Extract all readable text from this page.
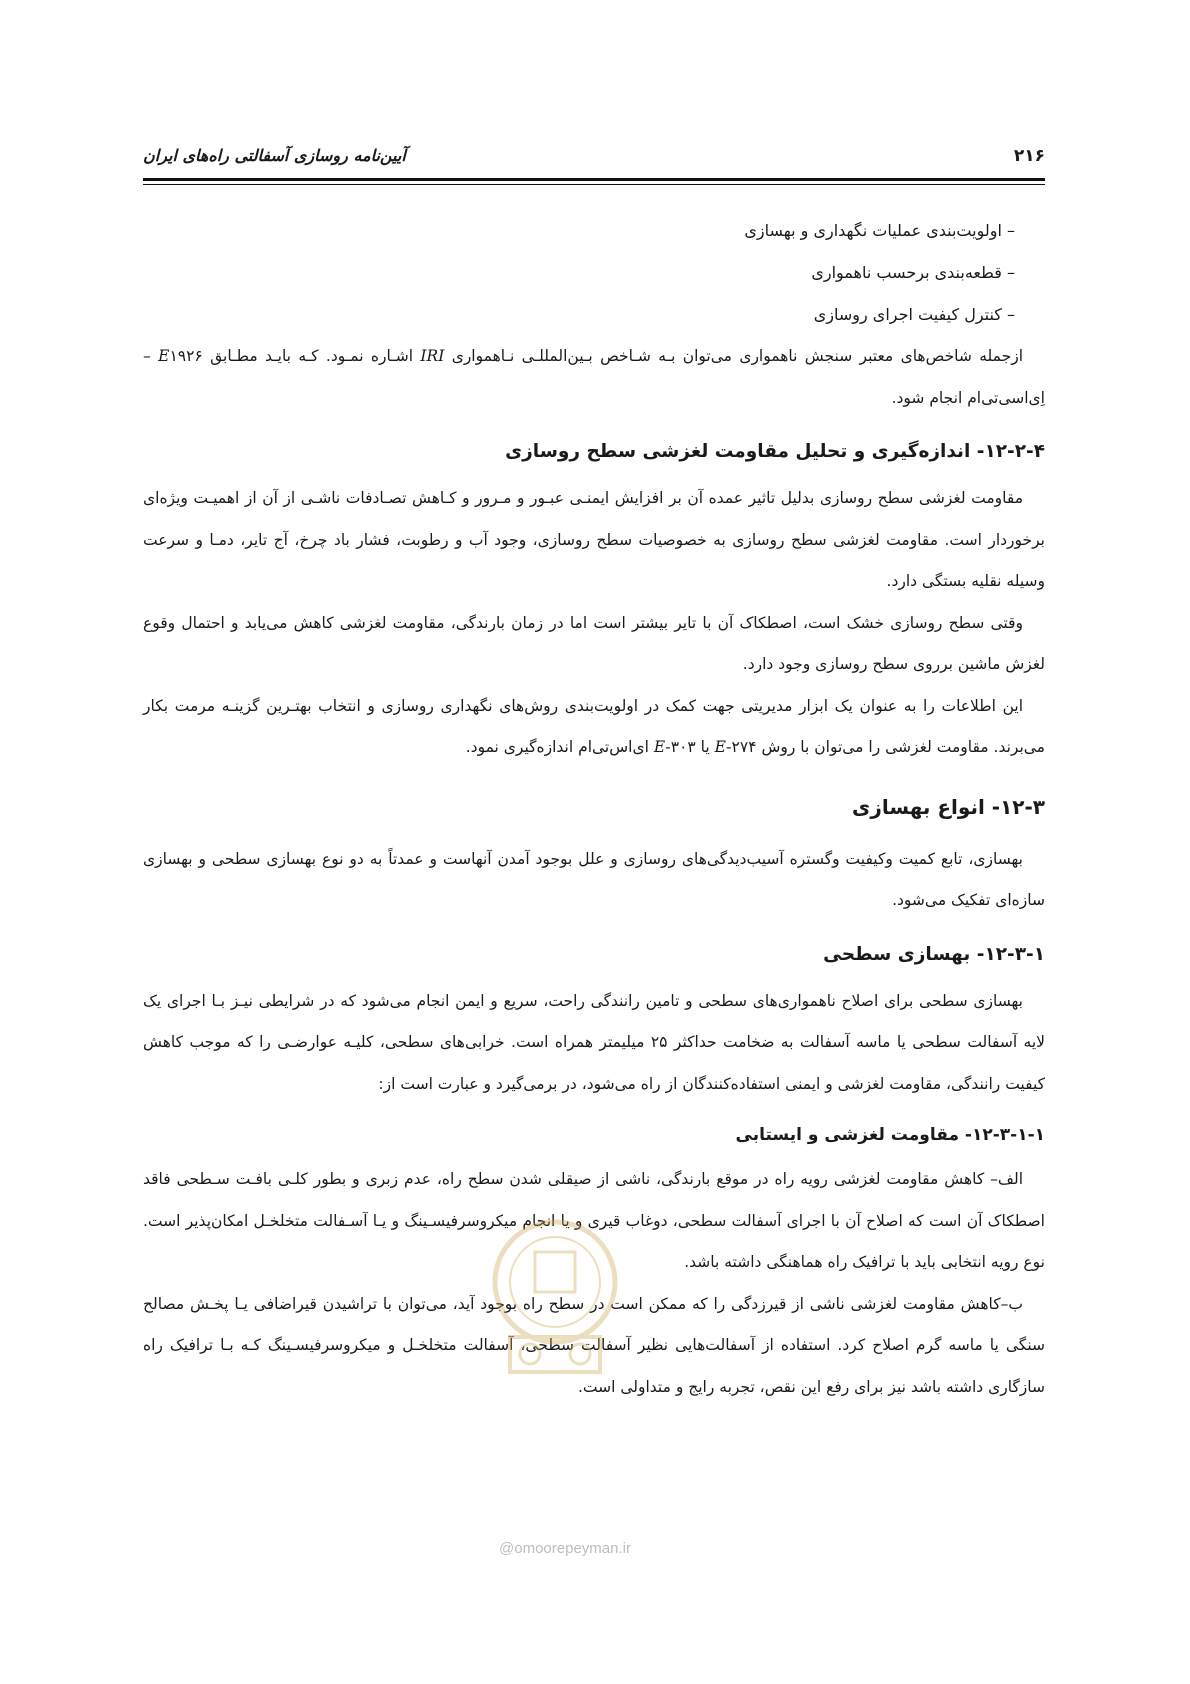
۲۱۶
آیین‌نامه روسازی آسفالتی راه‌های ایران
– اولویت‌بندی عملیات نگهداری و بهسازی
– قطعه‌بندی برحسب ناهمواری
– کنترل کیفیت اجرای روسازی

ازجمله شاخص‌های معتبر سنجش ناهمواری می‌توان بـه شـاخص بـین‌المللـی نـاهمواری IRI اشـاره نمـود. کـه بایـد مطـابق E۱۹۲۶ – اِی‌اسی‌تی‌ام انجام شود.

۱۲-۲-۴- اندازه‌گیری و تحلیل مقاومت لغزشی سطح روسازی

مقاومت لغزشی سطح روسازی بدلیل تاثیر عمده آن بر افزایش ایمنـی عبـور و مـرور و کـاهش تصـادفات ناشـی از آن از اهمیـت ویژه‌ای برخوردار است. مقاومت لغزشی سطح روسازی به خصوصیات سطح روسازی، وجود آب و رطوبت، فشار باد چرخ، آج تایر، دمـا و سرعت وسیله نقلیه بستگی دارد.

وقتی سطح روسازی خشک است، اصطکاک آن با تایر بیشتر است اما در زمان بارندگی، مقاومت لغزشی کاهش می‌یابد و احتمال وقوع لغزش ماشین برروی سطح روسازی وجود دارد.

این اطلاعات را به عنوان یک ابزار مدیریتی جهت کمک در اولویت‌بندی روش‌های نگهداری روسازی و انتخاب بهتـرین گزینـه مرمت بکار می‌برند. مقاومت لغزشی را می‌توان با روش E-۲۷۴ یا E-۳۰۳ ای‌اس‌تی‌ام اندازه‌گیری نمود.

۱۲-۳- انواع بهسازی

بهسازی، تابع کمیت وکیفیت وگستره آسیب‌دیدگی‌های روسازی و علل بوجود آمدن آنهاست و عمدتاً به دو نوع بهسازی سطحی و بهسازی سازه‌ای تفکیک می‌شود.

۱۲-۳-۱- بهسازی سطحی

بهسازی سطحی برای اصلاح ناهمواری‌های سطحی و تامین رانندگی راحت، سریع و ایمن انجام می‌شود که در شرایطی نیـز بـا اجرای یک لایه آسفالت سطحی یا ماسه آسفالت به ضخامت حداکثر ۲۵ میلیمتر همراه است. خرابی‌های سطحی، کلیـه عوارضـی را که موجب کاهش کیفیت رانندگی، مقاومت لغزشی و ایمنی استفاده‌کنندگان از راه می‌شود، در برمی‌گیرد و عبارت است از:

۱۲-۳-۱-۱- مقاومت لغزشی و ایستابی

الف– کاهش مقاومت لغزشی رویه راه در موقع بارندگی، ناشی از صیقلی شدن سطح راه، عدم زبری و بطور کلـی بافـت سـطحی فاقد اصطکاک آن است که اصلاح آن با اجرای آسفالت سطحی، دوغاب قیری و یا انجام میکروسرفیسـینگ و یـا آسـفالت متخلخـل امکان‌پذیر است. نوع رویه انتخابی باید با ترافیک راه هماهنگی داشته باشد.

ب–کاهش مقاومت لغزشی ناشی از قیرزدگی را که ممکن است در سطح راه بوجود آید، می‌توان با تراشیدن قیراضافی یـا پخـش مصالح سنگی یا ماسه گرم اصلاح کرد. استفاده از آسفالت‌هایی نظیر آسفالت سطحی، آسفالت متخلخـل و میکروسرفیسـینگ کـه بـا ترافیک راه سازگاری داشته باشد نیز برای رفع این نقص، تجربه رایج و متداولی است.

@omoorepeyman.ir
